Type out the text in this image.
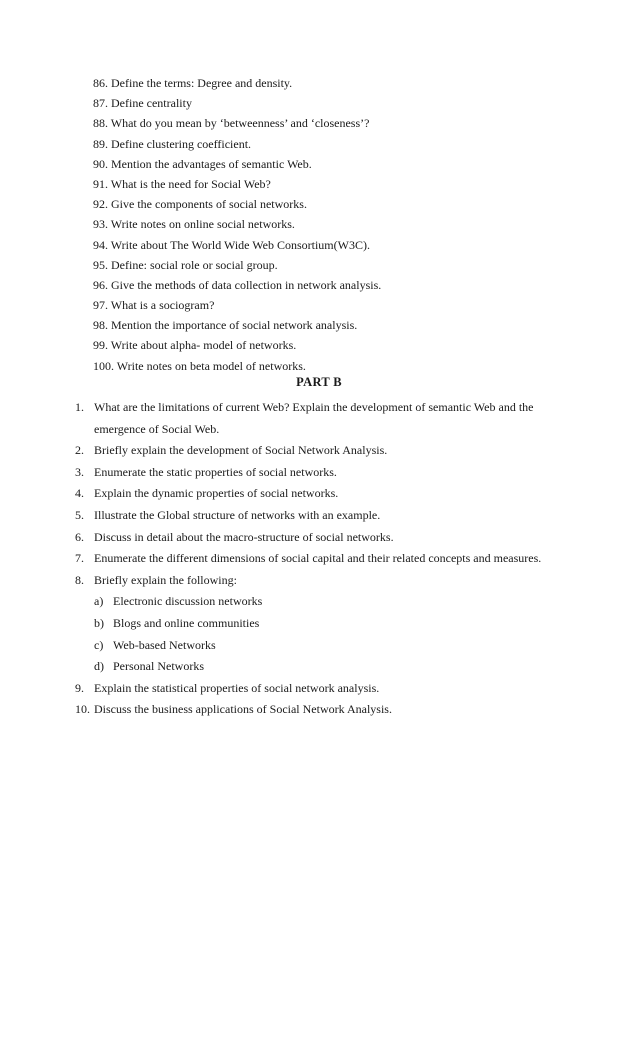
86. Define the terms: Degree and density.
87. Define centrality
88. What do you mean by ‘betweenness’ and ‘closeness’?
89. Define clustering coefficient.
90. Mention the advantages of semantic Web.
91. What is the need for Social Web?
92. Give the components of social networks.
93. Write notes on online social networks.
94. Write about The World Wide Web Consortium(W3C).
95. Define: social role or social group.
96. Give the methods of data collection in network analysis.
97. What is a sociogram?
98. Mention the importance of social network analysis.
99. Write about alpha- model of networks.
100. Write notes on beta model of networks.
PART B
1. What are the limitations of current Web? Explain the development of semantic Web and the emergence of Social Web.
2. Briefly explain the development of Social Network Analysis.
3. Enumerate the static properties of social networks.
4. Explain the dynamic properties of social networks.
5. Illustrate the Global structure of networks with an example.
6. Discuss in detail about the macro-structure of social networks.
7. Enumerate the different dimensions of social capital and their related concepts and measures.
8. Briefly explain the following:
a) Electronic discussion networks
b) Blogs and online communities
c) Web-based Networks
d) Personal Networks
9. Explain the statistical properties of social network analysis.
10. Discuss the business applications of Social Network Analysis.
